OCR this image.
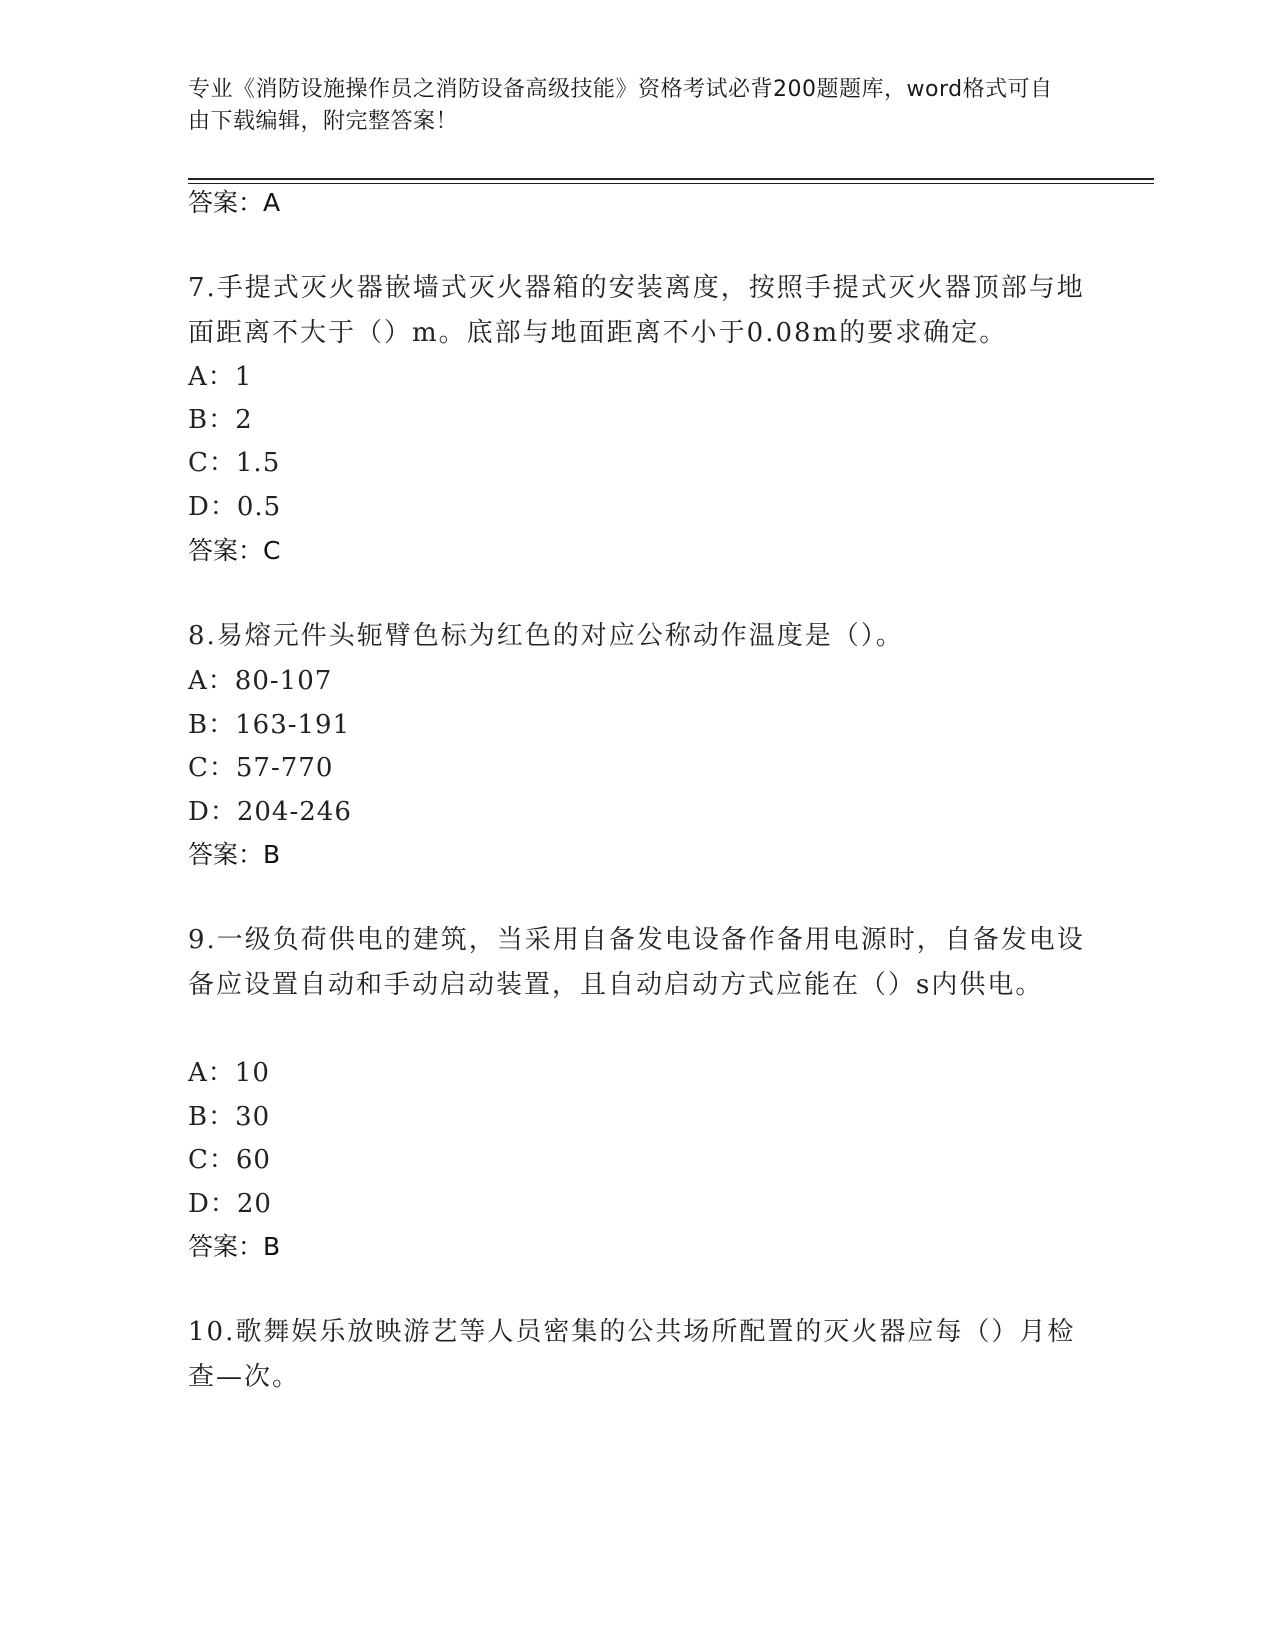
专业《消防设施操作员之消防设备高级技能》资格考试必背200题题库，word格式可自由下载编辑，附完整答案！

答案：A

7.手提式灭火器嵌墙式灭火器箱的安装离度，按照手提式灭火器顶部与地面距离不大于（）m。底部与地面距离不小于0.08m的要求确定。

A：1

B：2

C：1.5

D：0.5

答案：C

8.易熔元件头轭臂色标为红色的对应公称动作温度是（）。

A：80-107

B：163-191

C：57-770

D：204-246

答案：B

9.一级负荷供电的建筑，当采用自备发电设备作备用电源时，自备发电设备应设置自动和手动启动装置，且自动启动方式应能在（）s内供电。

A：10

B：30

C：60

D：20

答案：B

10.歌舞娱乐放映游艺等人员密集的公共场所配置的灭火器应每（）月检查—次。
